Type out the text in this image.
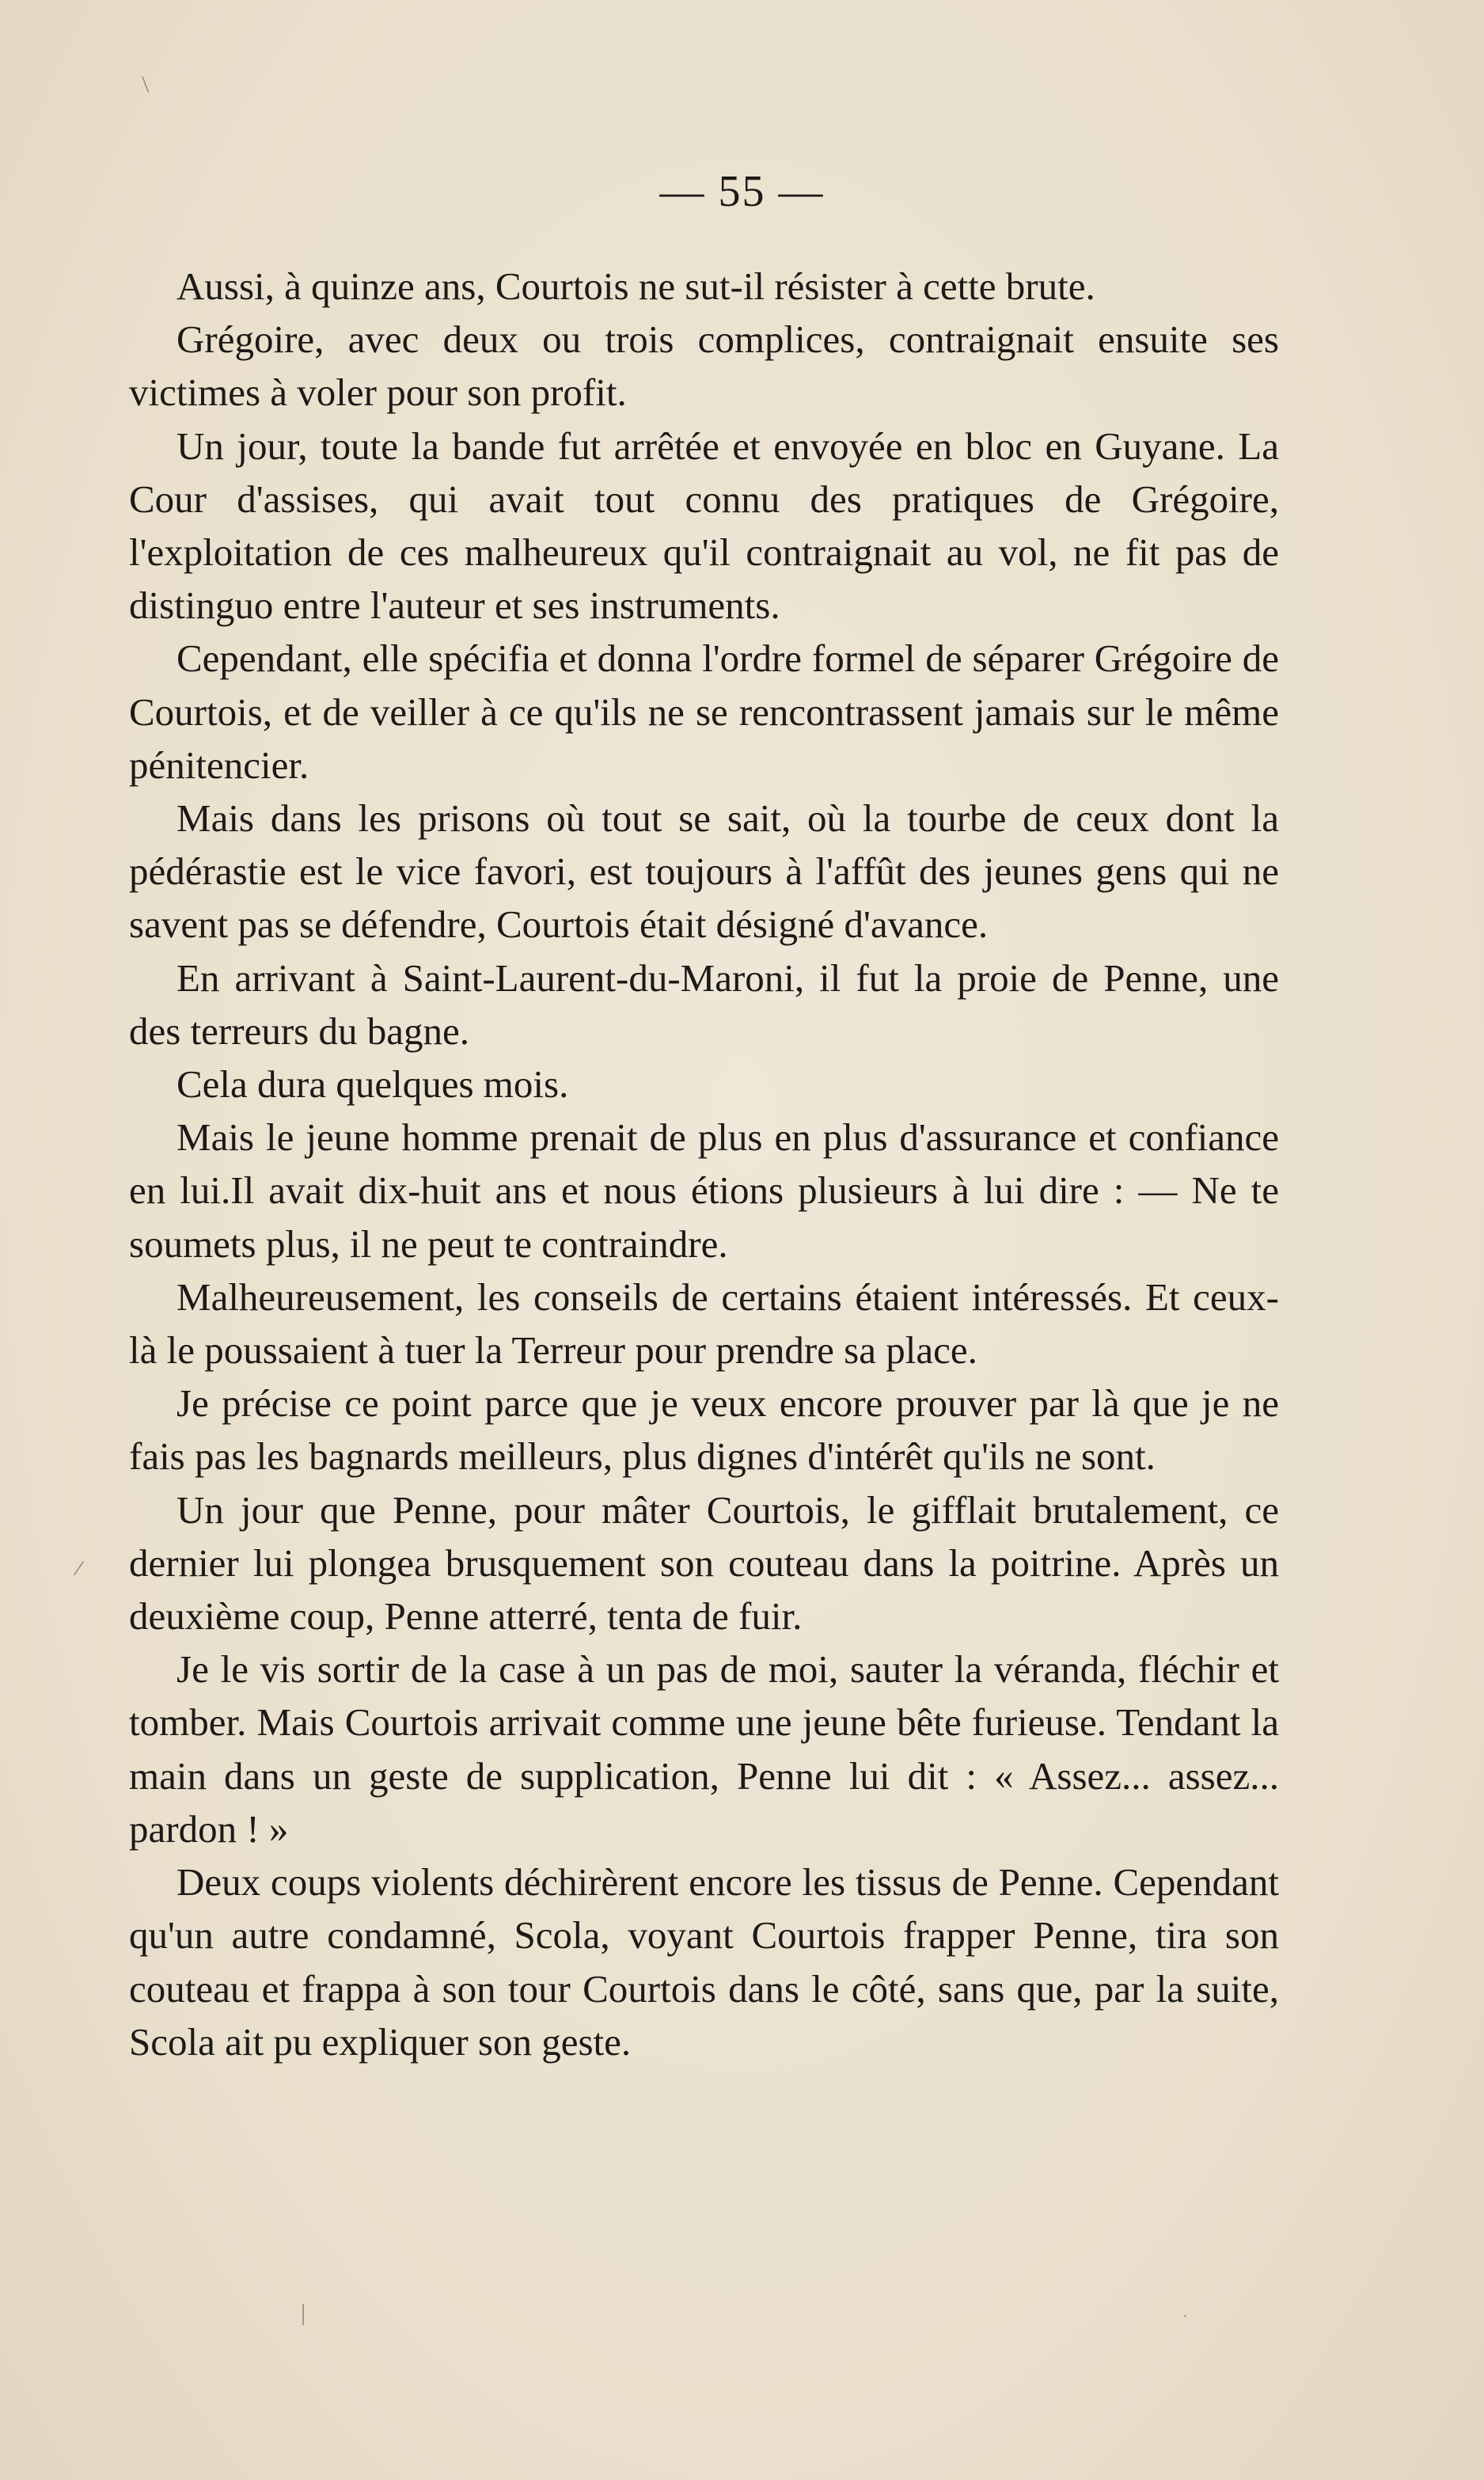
— 55 —

Aussi, à quinze ans, Courtois ne sut-il résister à cette brute.

Grégoire, avec deux ou trois complices, contraignait ensuite ses victimes à voler pour son profit.

Un jour, toute la bande fut arrêtée et envoyée en bloc en Guyane. La Cour d'assises, qui avait tout connu des pratiques de Grégoire, l'exploitation de ces malheureux qu'il contraignait au vol, ne fit pas de distinguo entre l'auteur et ses instruments.

Cependant, elle spécifia et donna l'ordre formel de séparer Grégoire de Courtois, et de veiller à ce qu'ils ne se rencontrassent jamais sur le même pénitencier.

Mais dans les prisons où tout se sait, où la tourbe de ceux dont la pédérastie est le vice favori, est toujours à l'affût des jeunes gens qui ne savent pas se défendre, Courtois était désigné d'avance.

En arrivant à Saint-Laurent-du-Maroni, il fut la proie de Penne, une des terreurs du bagne.

Cela dura quelques mois.

Mais le jeune homme prenait de plus en plus d'assurance et confiance en lui.Il avait dix-huit ans et nous étions plusieurs à lui dire : — Ne te soumets plus, il ne peut te contraindre.

Malheureusement, les conseils de certains étaient intéressés. Et ceux-là le poussaient à tuer la Terreur pour prendre sa place.

Je précise ce point parce que je veux encore prouver par là que je ne fais pas les bagnards meilleurs, plus dignes d'intérêt qu'ils ne sont.

Un jour que Penne, pour mâter Courtois, le gifflait brutalement, ce dernier lui plongea brusquement son couteau dans la poitrine. Après un deuxième coup, Penne atterré, tenta de fuir.

Je le vis sortir de la case à un pas de moi, sauter la véranda, fléchir et tomber. Mais Courtois arrivait comme une jeune bête furieuse. Tendant la main dans un geste de supplication, Penne lui dit : « Assez... assez... pardon ! »

Deux coups violents déchirèrent encore les tissus de Penne. Cependant qu'un autre condamné, Scola, voyant Courtois frapper Penne, tira son couteau et frappa à son tour Courtois dans le côté, sans que, par la suite, Scola ait pu expliquer son geste.

/
/
|	.
